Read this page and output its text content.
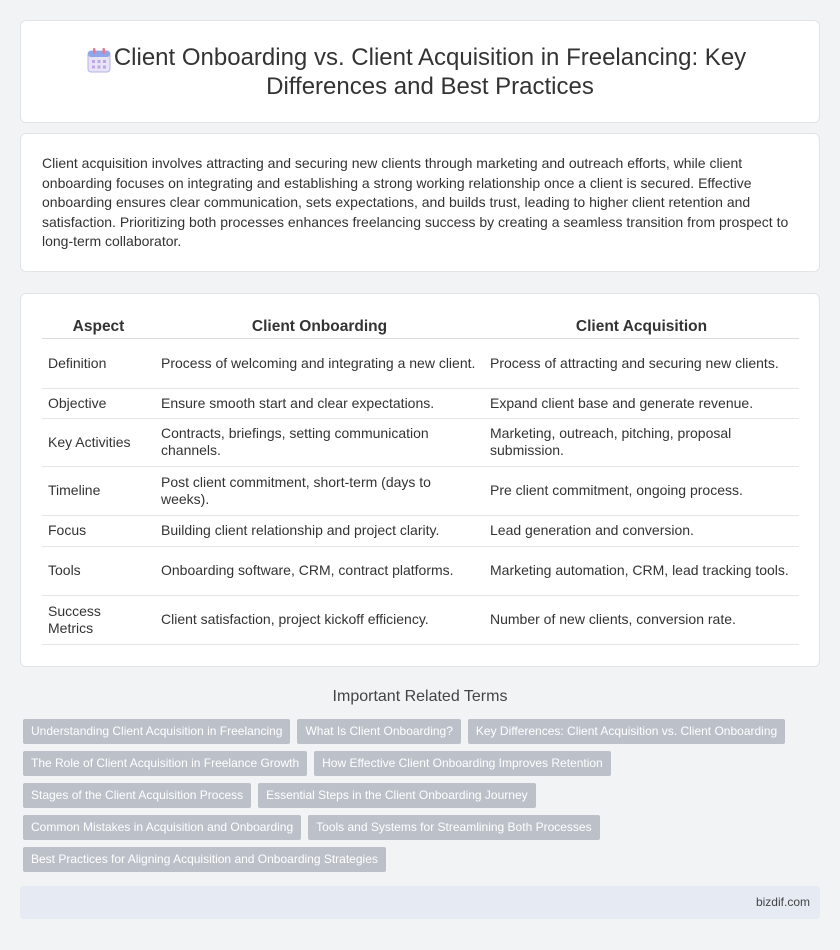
Client Onboarding vs. Client Acquisition in Freelancing: Key Differences and Best Practices

Client acquisition involves attracting and securing new clients through marketing and outreach efforts, while client onboarding focuses on integrating and establishing a strong working relationship once a client is secured. Effective onboarding ensures clear communication, sets expectations, and builds trust, leading to higher client retention and satisfaction. Prioritizing both processes enhances freelancing success by creating a seamless transition from prospect to long-term collaborator.

Aspect	Client Onboarding	Client Acquisition
Definition	Process of welcoming and integrating a new client.	Process of attracting and securing new clients.
Objective	Ensure smooth start and clear expectations.	Expand client base and generate revenue.
Key Activities	Contracts, briefings, setting communication channels.	Marketing, outreach, pitching, proposal submission.
Timeline	Post client commitment, short-term (days to weeks).	Pre client commitment, ongoing process.
Focus	Building client relationship and project clarity.	Lead generation and conversion.
Tools	Onboarding software, CRM, contract platforms.	Marketing automation, CRM, lead tracking tools.
Success Metrics	Client satisfaction, project kickoff efficiency.	Number of new clients, conversion rate.
Important Related Terms
Understanding Client Acquisition in Freelancing	What Is Client Onboarding?	Key Differences: Client Acquisition vs. Client Onboarding
The Role of Client Acquisition in Freelance Growth	How Effective Client Onboarding Improves Retention
Stages of the Client Acquisition Process	Essential Steps in the Client Onboarding Journey
Common Mistakes in Acquisition and Onboarding	Tools and Systems for Streamlining Both Processes
Best Practices for Aligning Acquisition and Onboarding Strategies
bizdif.com
